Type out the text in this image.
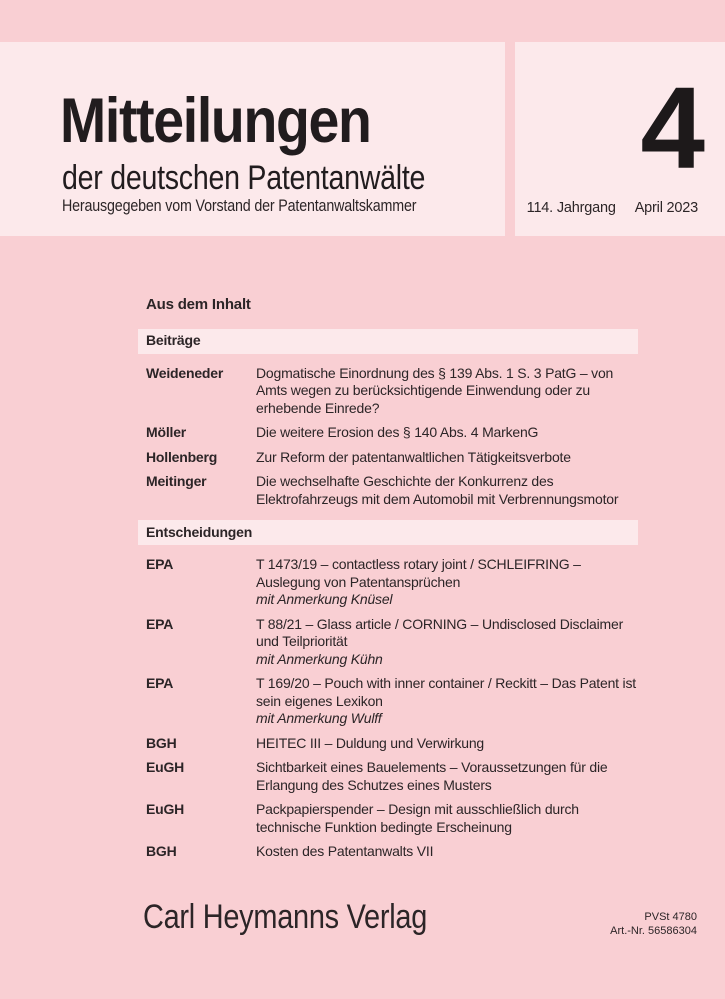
Mitteilungen
der deutschen Patentanwälte
Herausgegeben vom Vorstand der Patentanwaltskammer
4
114. Jahrgang April 2023
Aus dem Inhalt
Beiträge
Weideneder	Dogmatische Einordnung des § 139 Abs. 1 S. 3 PatG – von Amts wegen zu berücksichtigende Einwendung oder zu erhebende Einrede?
Möller	Die weitere Erosion des § 140 Abs. 4 MarkenG
Hollenberg	Zur Reform der patentanwaltlichen Tätigkeitsverbote
Meitinger	Die wechselhafte Geschichte der Konkurrenz des Elektrofahrzeugs mit dem Automobil mit Verbrennungsmotor
Entscheidungen
EPA	T 1473/19 – contactless rotary joint / SCHLEIFRING – Auslegung von Patentansprüchen
mit Anmerkung Knüsel
EPA	T 88/21 – Glass article / CORNING – Undisclosed Disclaimer und Teilpriorität
mit Anmerkung Kühn
EPA	T 169/20 – Pouch with inner container / Reckitt – Das Patent ist sein eigenes Lexikon
mit Anmerkung Wulff
BGH	HEITEC III – Duldung und Verwirkung
EuGH	Sichtbarkeit eines Bauelements – Voraussetzungen für die Erlangung des Schutzes eines Musters
EuGH	Packpapierspender – Design mit ausschließlich durch technische Funktion bedingte Erscheinung
BGH	Kosten des Patentanwalts VII
Carl Heymanns Verlag	PVSt 4780
Art.-Nr. 56586304
